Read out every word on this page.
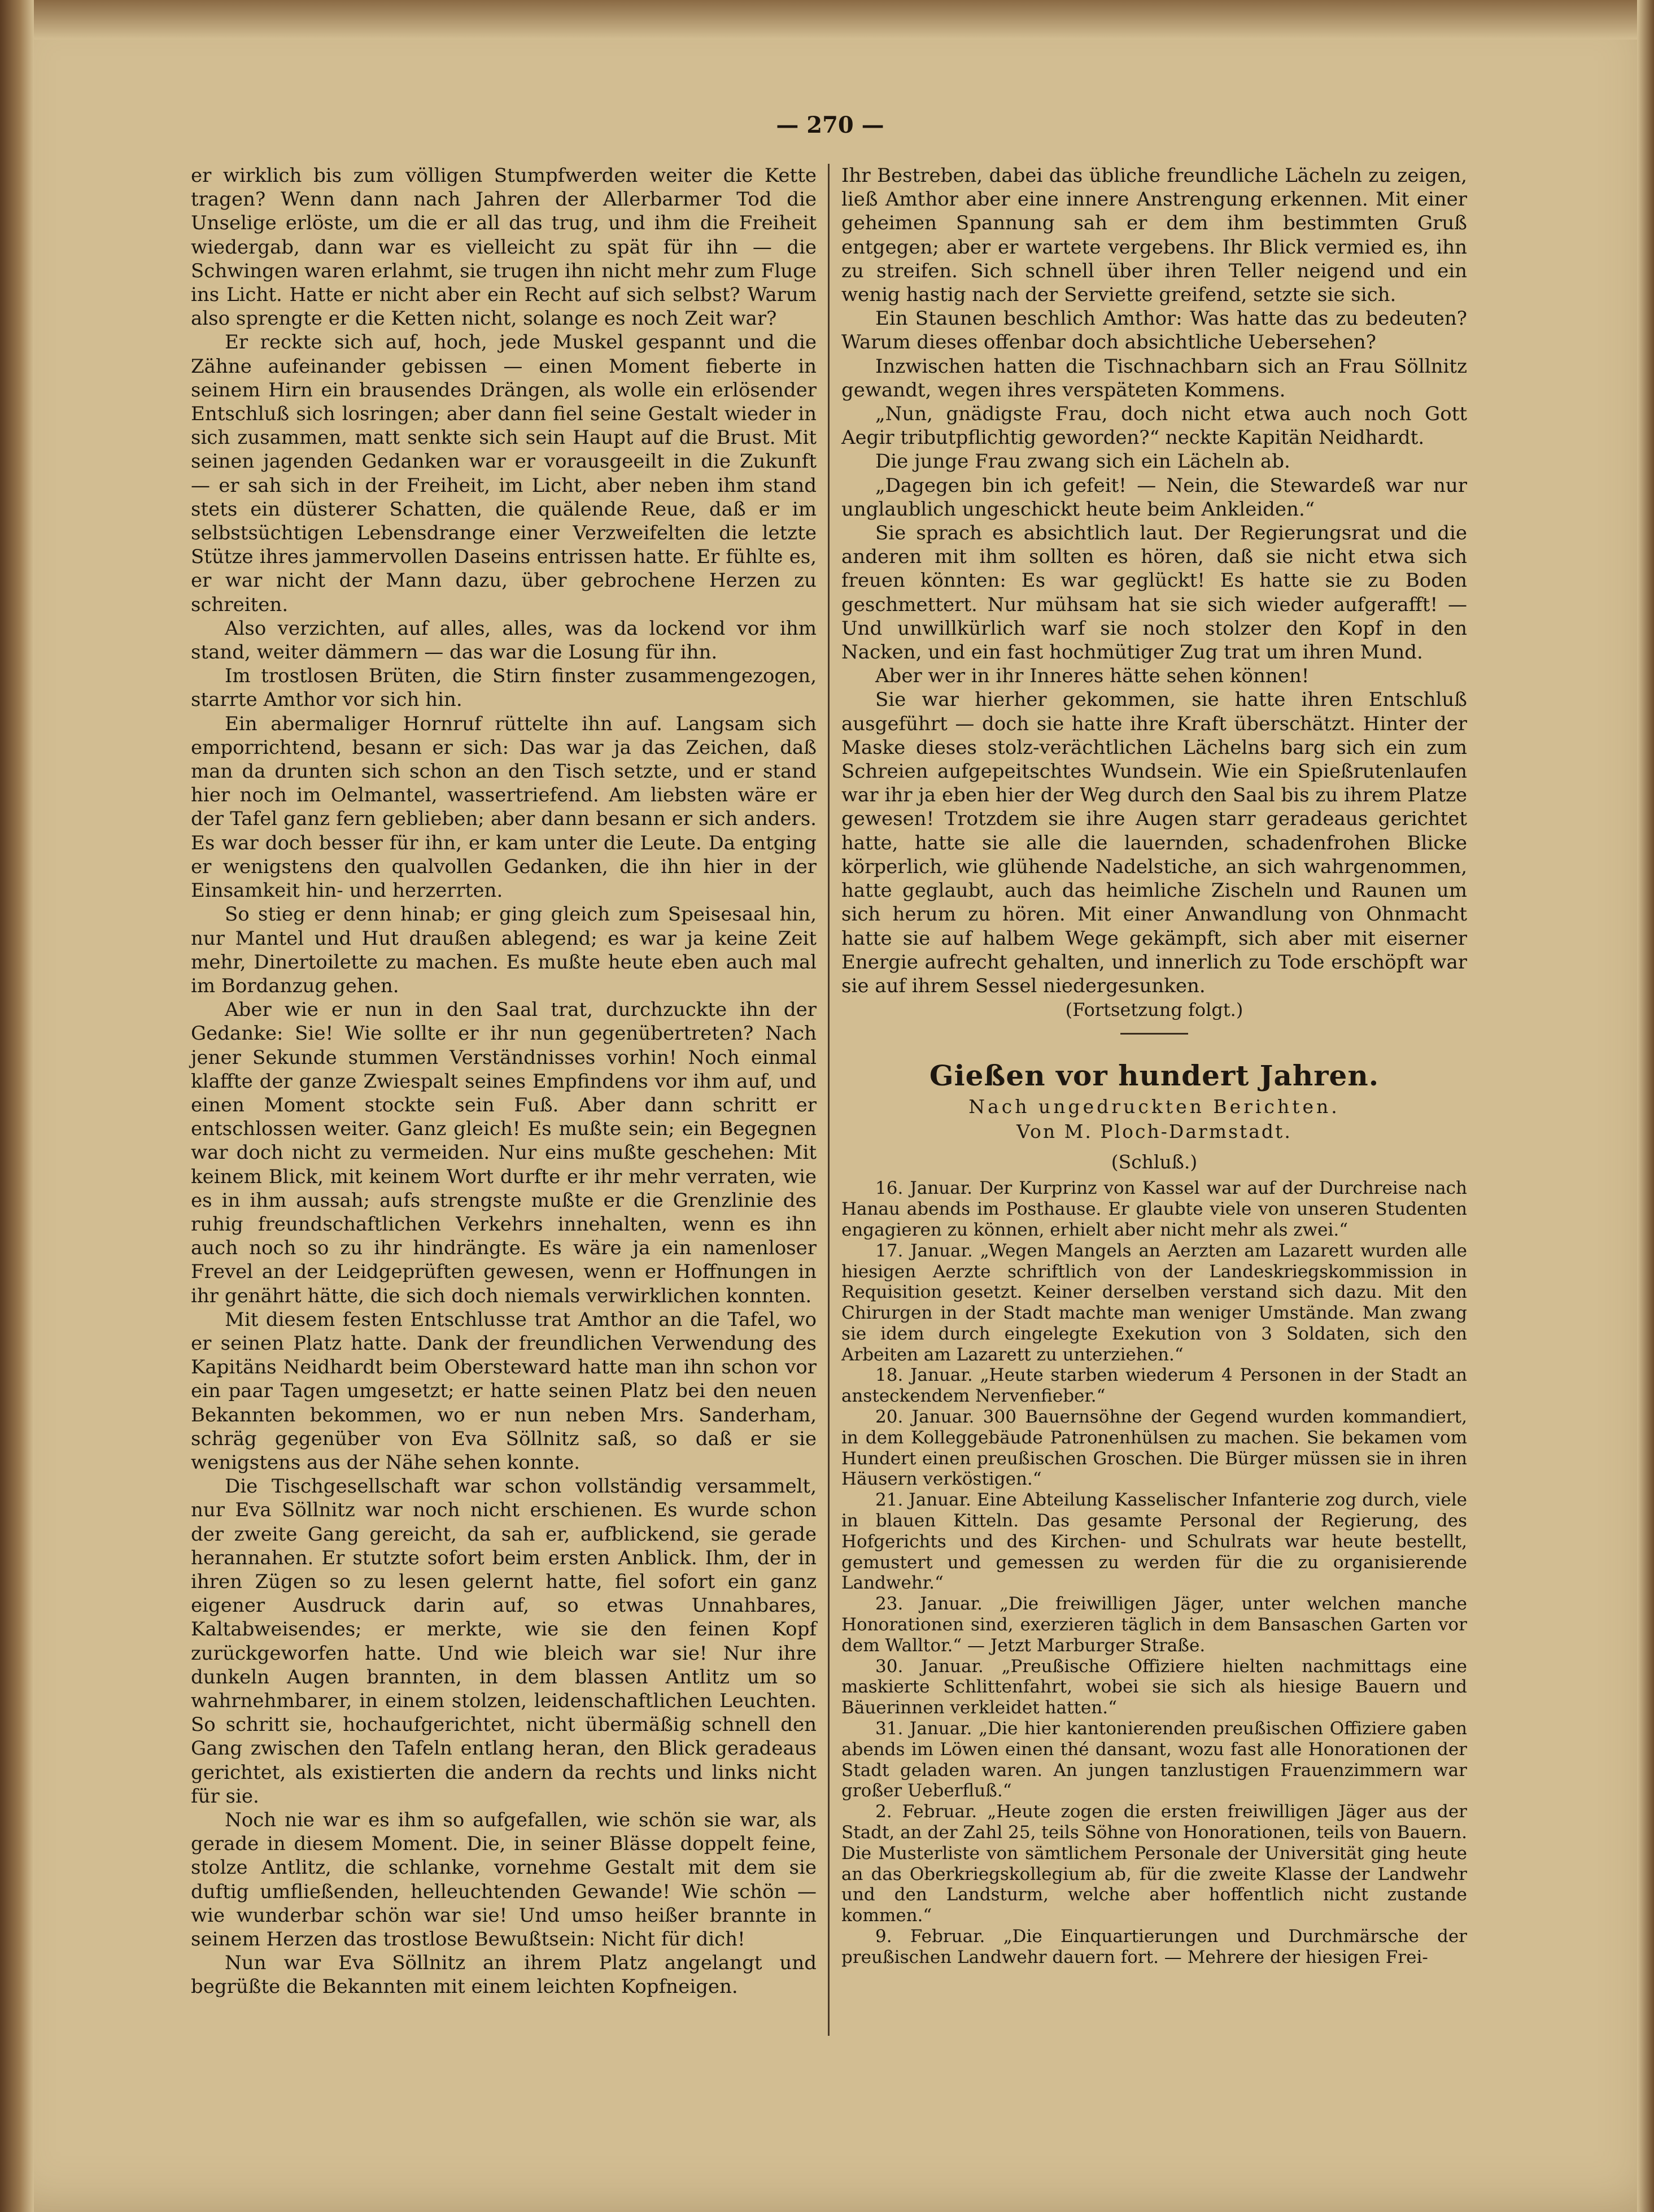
— 270 —

er wirklich bis zum völligen Stumpfwerden weiter die Kette tragen? Wenn dann nach Jahren der Allerbarmer Tod die Unselige erlöste, um die er all das trug, und ihm die Freiheit wiedergab, dann war es vielleicht zu spät für ihn — die Schwingen waren erlahmt, sie trugen ihn nicht mehr zum Fluge ins Licht. Hatte er nicht aber ein Recht auf sich selbst? Warum also sprengte er die Ketten nicht, solange es noch Zeit war?

Er reckte sich auf, hoch, jede Muskel gespannt und die Zähne aufeinander gebissen — einen Moment fieberte in seinem Hirn ein brausendes Drängen, als wolle ein erlösender Entschluß sich losringen; aber dann fiel seine Gestalt wieder in sich zusammen, matt senkte sich sein Haupt auf die Brust. Mit seinen jagenden Gedanken war er vorausgeeilt in die Zukunft — er sah sich in der Freiheit, im Licht, aber neben ihm stand stets ein düsterer Schatten, die quälende Reue, daß er im selbstsüchtigen Lebensdrange einer Verzweifelten die letzte Stütze ihres jammervollen Daseins entrissen hatte. Er fühlte es, er war nicht der Mann dazu, über gebrochene Herzen zu schreiten.

Also verzichten, auf alles, alles, was da lockend vor ihm stand, weiter dämmern — das war die Losung für ihn.

Im trostlosen Brüten, die Stirn finster zusammengezogen, starrte Amthor vor sich hin.

Ein abermaliger Hornruf rüttelte ihn auf. Langsam sich emporrichtend, besann er sich: Das war ja das Zeichen, daß man da drunten sich schon an den Tisch setzte, und er stand hier noch im Oelmantel, wassertriefend. Am liebsten wäre er der Tafel ganz fern geblieben; aber dann besann er sich anders. Es war doch besser für ihn, er kam unter die Leute. Da entging er wenigstens den qualvollen Gedanken, die ihn hier in der Einsamkeit hin- und herzerrten.

So stieg er denn hinab; er ging gleich zum Speisesaal hin, nur Mantel und Hut draußen ablegend; es war ja keine Zeit mehr, Dinertoilette zu machen. Es mußte heute eben auch mal im Bordanzug gehen.

Aber wie er nun in den Saal trat, durchzuckte ihn der Gedanke: Sie! Wie sollte er ihr nun gegenübertreten? Nach jener Sekunde stummen Verständnisses vorhin! Noch einmal klaffte der ganze Zwiespalt seines Empfindens vor ihm auf, und einen Moment stockte sein Fuß. Aber dann schritt er entschlossen weiter. Ganz gleich! Es mußte sein; ein Begegnen war doch nicht zu vermeiden. Nur eins mußte geschehen: Mit keinem Blick, mit keinem Wort durfte er ihr mehr verraten, wie es in ihm aussah; aufs strengste mußte er die Grenzlinie des ruhig freundschaftlichen Verkehrs innehalten, wenn es ihn auch noch so zu ihr hindrängte. Es wäre ja ein namenloser Frevel an der Leidgeprüften gewesen, wenn er Hoffnungen in ihr genährt hätte, die sich doch niemals verwirklichen konnten.

Mit diesem festen Entschlusse trat Amthor an die Tafel, wo er seinen Platz hatte. Dank der freundlichen Verwendung des Kapitäns Neidhardt beim Obersteward hatte man ihn schon vor ein paar Tagen umgesetzt; er hatte seinen Platz bei den neuen Bekannten bekommen, wo er nun neben Mrs. Sanderham, schräg gegenüber von Eva Söllnitz saß, so daß er sie wenigstens aus der Nähe sehen konnte.

Die Tischgesellschaft war schon vollständig versammelt, nur Eva Söllnitz war noch nicht erschienen. Es wurde schon der zweite Gang gereicht, da sah er, aufblickend, sie gerade herannahen. Er stutzte sofort beim ersten Anblick. Ihm, der in ihren Zügen so zu lesen gelernt hatte, fiel sofort ein ganz eigener Ausdruck darin auf, so etwas Unnahbares, Kaltabweisendes; er merkte, wie sie den feinen Kopf zurückgeworfen hatte. Und wie bleich war sie! Nur ihre dunkeln Augen brannten, in dem blassen Antlitz um so wahrnehmbarer, in einem stolzen, leidenschaftlichen Leuchten. So schritt sie, hochaufgerichtet, nicht übermäßig schnell den Gang zwischen den Tafeln entlang heran, den Blick geradeaus gerichtet, als existierten die andern da rechts und links nicht für sie.

Noch nie war es ihm so aufgefallen, wie schön sie war, als gerade in diesem Moment. Die, in seiner Blässe doppelt feine, stolze Antlitz, die schlanke, vornehme Gestalt mit dem sie duftig umfließenden, helleuchtenden Gewande! Wie schön — wie wunderbar schön war sie! Und umso heißer brannte in seinem Herzen das trostlose Bewußtsein: Nicht für dich!

Nun war Eva Söllnitz an ihrem Platz angelangt und begrüßte die Bekannten mit einem leichten Kopfneigen.

Ihr Bestreben, dabei das übliche freundliche Lächeln zu zeigen, ließ Amthor aber eine innere Anstrengung erkennen. Mit einer geheimen Spannung sah er dem ihm bestimmten Gruß entgegen; aber er wartete vergebens. Ihr Blick vermied es, ihn zu streifen. Sich schnell über ihren Teller neigend und ein wenig hastig nach der Serviette greifend, setzte sie sich.

Ein Staunen beschlich Amthor: Was hatte das zu bedeuten? Warum dieses offenbar doch absichtliche Uebersehen?

Inzwischen hatten die Tischnachbarn sich an Frau Söllnitz gewandt, wegen ihres verspäteten Kommens.

„Nun, gnädigste Frau, doch nicht etwa auch noch Gott Aegir tributpflichtig geworden?“ neckte Kapitän Neidhardt.

Die junge Frau zwang sich ein Lächeln ab.

„Dagegen bin ich gefeit! — Nein, die Stewardeß war nur unglaublich ungeschickt heute beim Ankleiden.“

Sie sprach es absichtlich laut. Der Regierungsrat und die anderen mit ihm sollten es hören, daß sie nicht etwa sich freuen könnten: Es war geglückt! Es hatte sie zu Boden geschmettert. Nur mühsam hat sie sich wieder aufgerafft! — Und unwillkürlich warf sie noch stolzer den Kopf in den Nacken, und ein fast hochmütiger Zug trat um ihren Mund.

Aber wer in ihr Inneres hätte sehen können!

Sie war hierher gekommen, sie hatte ihren Entschluß ausgeführt — doch sie hatte ihre Kraft überschätzt. Hinter der Maske dieses stolz-verächtlichen Lächelns barg sich ein zum Schreien aufgepeitschtes Wundsein. Wie ein Spießrutenlaufen war ihr ja eben hier der Weg durch den Saal bis zu ihrem Platze gewesen! Trotzdem sie ihre Augen starr geradeaus gerichtet hatte, hatte sie alle die lauernden, schadenfrohen Blicke körperlich, wie glühende Nadelstiche, an sich wahrgenommen, hatte geglaubt, auch das heimliche Zischeln und Raunen um sich herum zu hören. Mit einer Anwandlung von Ohnmacht hatte sie auf halbem Wege gekämpft, sich aber mit eiserner Energie aufrecht gehalten, und innerlich zu Tode erschöpft war sie auf ihrem Sessel niedergesunken.

(Fortsetzung folgt.)

Gießen vor hundert Jahren.
Nach ungedruckten Berichten.
Von M. Ploch-Darmstadt.
(Schluß.)

16. Januar. Der Kurprinz von Kassel war auf der Durchreise nach Hanau abends im Posthause. Er glaubte viele von unseren Studenten engagieren zu können, erhielt aber nicht mehr als zwei.“

17. Januar. „Wegen Mangels an Aerzten am Lazarett wurden alle hiesigen Aerzte schriftlich von der Landeskriegskommission in Requisition gesetzt. Keiner derselben verstand sich dazu. Mit den Chirurgen in der Stadt machte man weniger Umstände. Man zwang sie idem durch eingelegte Exekution von 3 Soldaten, sich den Arbeiten am Lazarett zu unterziehen.“

18. Januar. „Heute starben wiederum 4 Personen in der Stadt an ansteckendem Nervenfieber.“

20. Januar. 300 Bauernsöhne der Gegend wurden kommandiert, in dem Kolleggebäude Patronenhülsen zu machen. Sie bekamen vom Hundert einen preußischen Groschen. Die Bürger müssen sie in ihren Häusern verköstigen.“

21. Januar. Eine Abteilung Kasselischer Infanterie zog durch, viele in blauen Kitteln. Das gesamte Personal der Regierung, des Hofgerichts und des Kirchen- und Schulrats war heute bestellt, gemustert und gemessen zu werden für die zu organisierende Landwehr.“

23. Januar. „Die freiwilligen Jäger, unter welchen manche Honorationen sind, exerzieren täglich in dem Bansaschen Garten vor dem Walltor.“ — Jetzt Marburger Straße.

30. Januar. „Preußische Offiziere hielten nachmittags eine maskierte Schlittenfahrt, wobei sie sich als hiesige Bauern und Bäuerinnen verkleidet hatten.“

31. Januar. „Die hier kantonierenden preußischen Offiziere gaben abends im Löwen einen thé dansant, wozu fast alle Honorationen der Stadt geladen waren. An jungen tanzlustigen Frauenzimmern war großer Ueberfluß.“

2. Februar. „Heute zogen die ersten freiwilligen Jäger aus der Stadt, an der Zahl 25, teils Söhne von Honorationen, teils von Bauern. Die Musterliste von sämtlichem Personale der Universität ging heute an das Oberkriegskollegium ab, für die zweite Klasse der Landwehr und den Landsturm, welche aber hoffentlich nicht zustande kommen.“

9. Februar. „Die Einquartierungen und Durchmärsche der preußischen Landwehr dauern fort. — Mehrere der hiesigen Frei-
